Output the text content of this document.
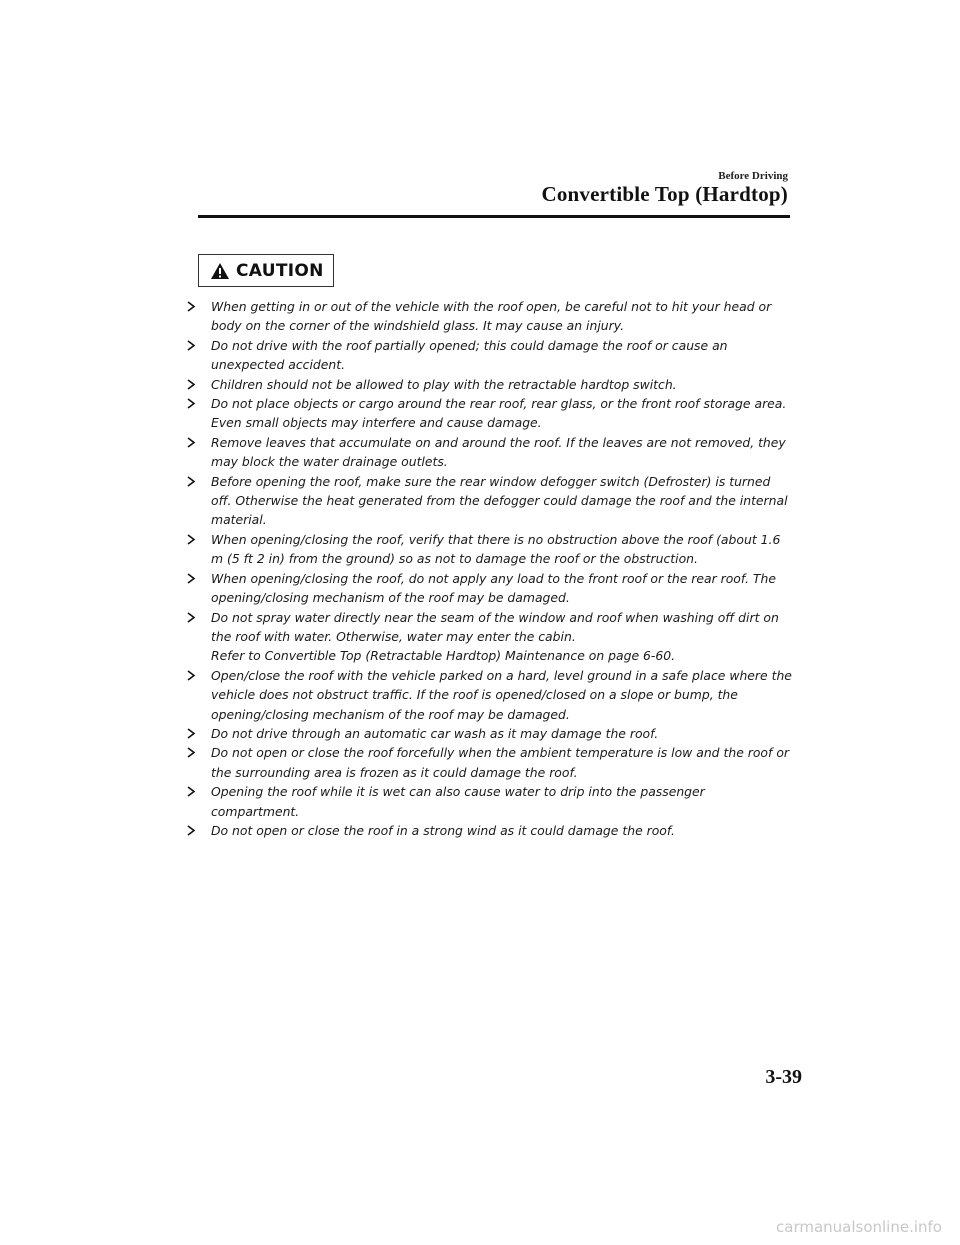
Before Driving
Convertible Top (Hardtop)
CAUTION
When getting in or out of the vehicle with the roof open, be careful not to hit your head or body on the corner of the windshield glass. It may cause an injury.
Do not drive with the roof partially opened; this could damage the roof or cause an unexpected accident.
Children should not be allowed to play with the retractable hardtop switch.
Do not place objects or cargo around the rear roof, rear glass, or the front roof storage area. Even small objects may interfere and cause damage.
Remove leaves that accumulate on and around the roof. If the leaves are not removed, they may block the water drainage outlets.
Before opening the roof, make sure the rear window defogger switch (Defroster) is turned off. Otherwise the heat generated from the defogger could damage the roof and the internal material.
When opening/closing the roof, verify that there is no obstruction above the roof (about 1.6 m (5 ft 2 in) from the ground) so as not to damage the roof or the obstruction.
When opening/closing the roof, do not apply any load to the front roof or the rear roof. The opening/closing mechanism of the roof may be damaged.
Do not spray water directly near the seam of the window and roof when washing off dirt on the roof with water. Otherwise, water may enter the cabin.
Refer to Convertible Top (Retractable Hardtop) Maintenance on page 6-60.
Open/close the roof with the vehicle parked on a hard, level ground in a safe place where the vehicle does not obstruct traffic. If the roof is opened/closed on a slope or bump, the opening/closing mechanism of the roof may be damaged.
Do not drive through an automatic car wash as it may damage the roof.
Do not open or close the roof forcefully when the ambient temperature is low and the roof or the surrounding area is frozen as it could damage the roof.
Opening the roof while it is wet can also cause water to drip into the passenger compartment.
Do not open or close the roof in a strong wind as it could damage the roof.
3-39
carmanualsonline.info
